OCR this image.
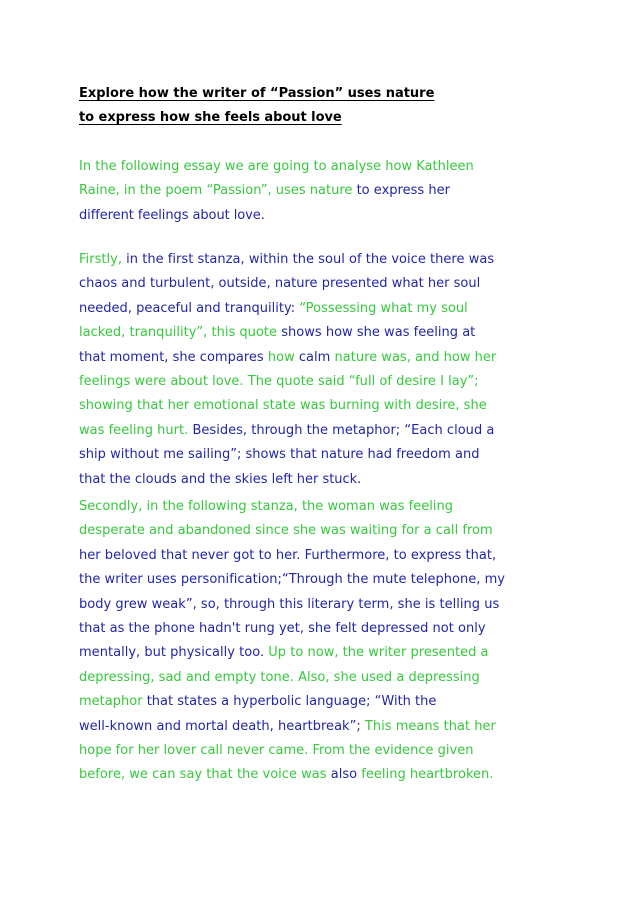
Explore how the writer of “Passion” uses nature
to express how she feels about love
In the following essay we are going to analyse how Kathleen
Raine, in the poem “Passion”, uses nature to express her
different feelings about love.
Firstly, in the first stanza, within the soul of the voice there was
chaos and turbulent, outside, nature presented what her soul
needed, peaceful and tranquility: “Possessing what my soul
lacked, tranquility”, this quote shows how she was feeling at
that moment, she compares how calm nature was, and how her
feelings were about love. The quote said “full of desire I lay”;
showing that her emotional state was burning with desire, she
was feeling hurt. Besides, through the metaphor; “Each cloud a
ship without me sailing”; shows that nature had freedom and
that the clouds and the skies left her stuck.
Secondly, in the following stanza, the woman was feeling
desperate and abandoned since she was waiting for a call from
her beloved that never got to her. Furthermore, to express that,
the writer uses personification;“Through the mute telephone, my
body grew weak”, so, through this literary term, she is telling us
that as the phone hadn't rung yet, she felt depressed not only
mentally, but physically too. Up to now, the writer presented a
depressing, sad and empty tone. Also, she used a depressing
metaphor that states a hyperbolic language; “With the
well-known and mortal death, heartbreak”; This means that her
hope for her lover call never came. From the evidence given
before, we can say that the voice was also feeling heartbroken.
